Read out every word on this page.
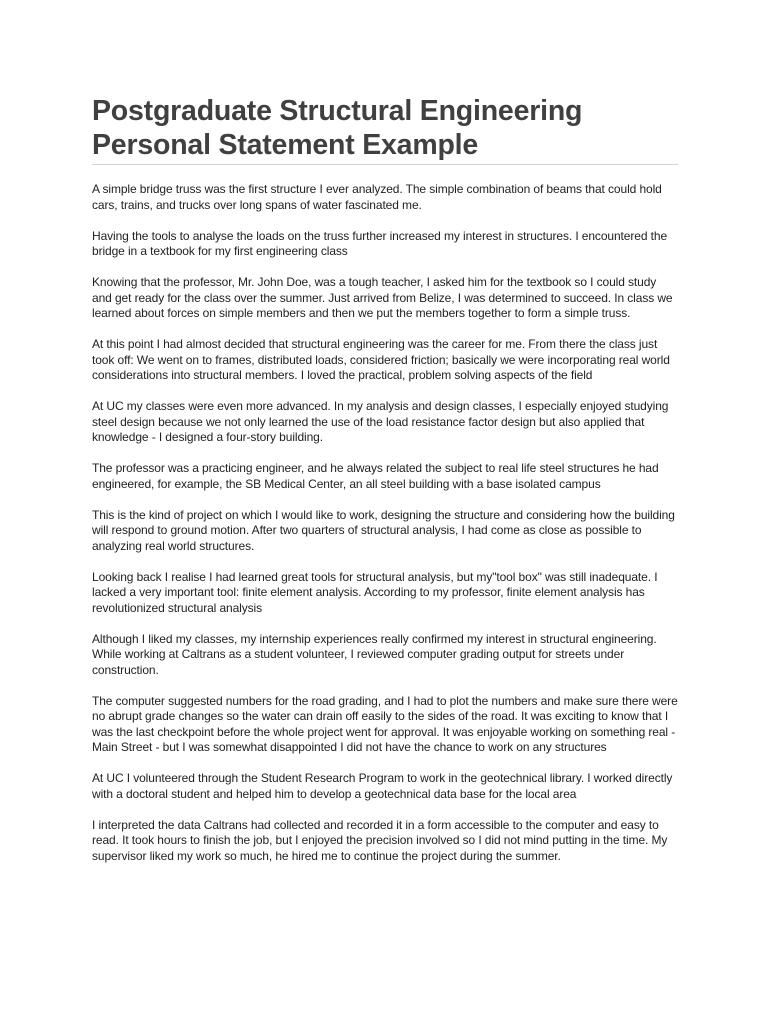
Postgraduate Structural Engineering
Personal Statement Example

A simple bridge truss was the first structure I ever analyzed. The simple combination of beams that could hold cars, trains, and trucks over long spans of water fascinated me.

Having the tools to analyse the loads on the truss further increased my interest in structures. I encountered the bridge in a textbook for my first engineering class

Knowing that the professor, Mr. John Doe, was a tough teacher, I asked him for the textbook so I could study and get ready for the class over the summer. Just arrived from Belize, I was determined to succeed. In class we learned about forces on simple members and then we put the members together to form a simple truss.

At this point I had almost decided that structural engineering was the career for me. From there the class just took off: We went on to frames, distributed loads, considered friction; basically we were incorporating real world considerations into structural members. I loved the practical, problem solving aspects of the field

At UC my classes were even more advanced. In my analysis and design classes, I especially enjoyed studying steel design because we not only learned the use of the load resistance factor design but also applied that knowledge - I designed a four-story building.

The professor was a practicing engineer, and he always related the subject to real life steel structures he had engineered, for example, the SB Medical Center, an all steel building with a base isolated campus

This is the kind of project on which I would like to work, designing the structure and considering how the building will respond to ground motion. After two quarters of structural analysis, I had come as close as possible to analyzing real world structures.

Looking back I realise I had learned great tools for structural analysis, but my"tool box" was still inadequate. I lacked a very important tool: finite element analysis. According to my professor, finite element analysis has revolutionized structural analysis

Although I liked my classes, my internship experiences really confirmed my interest in structural engineering. While working at Caltrans as a student volunteer, I reviewed computer grading output for streets under construction.

The computer suggested numbers for the road grading, and I had to plot the numbers and make sure there were no abrupt grade changes so the water can drain off easily to the sides of the road. It was exciting to know that I was the last checkpoint before the whole project went for approval. It was enjoyable working on something real - Main Street - but I was somewhat disappointed I did not have the chance to work on any structures

At UC I volunteered through the Student Research Program to work in the geotechnical library. I worked directly with a doctoral student and helped him to develop a geotechnical data base for the local area

I interpreted the data Caltrans had collected and recorded it in a form accessible to the computer and easy to read. It took hours to finish the job, but I enjoyed the precision involved so I did not mind putting in the time. My supervisor liked my work so much, he hired me to continue the project during the summer.
